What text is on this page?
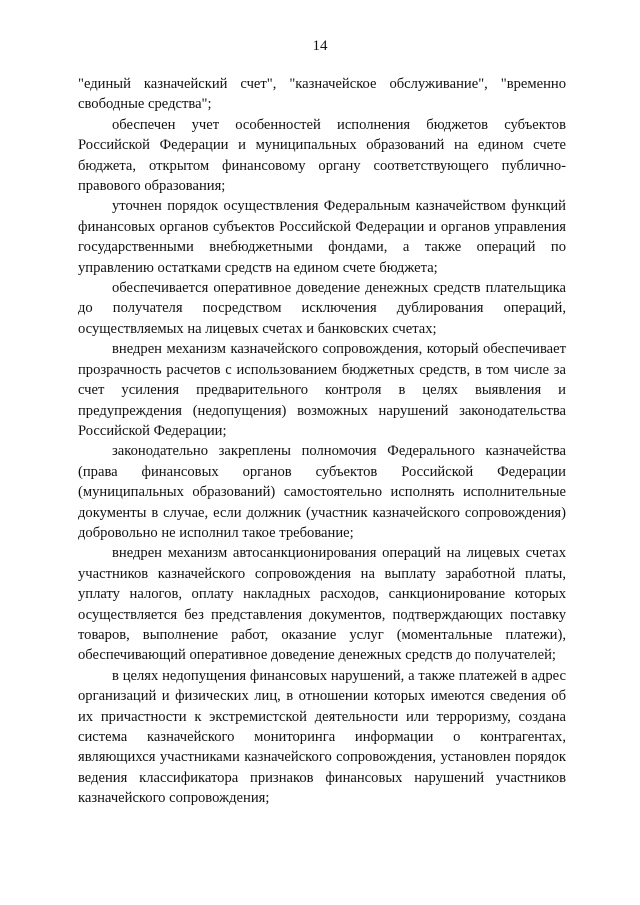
14

"единый казначейский счет", "казначейское обслуживание", "временно свободные средства";

обеспечен учет особенностей исполнения бюджетов субъектов Российской Федерации и муниципальных образований на едином счете бюджета, открытом финансовому органу соответствующего публично-правового образования;

уточнен порядок осуществления Федеральным казначейством функций финансовых органов субъектов Российской Федерации и органов управления государственными внебюджетными фондами, а также операций по управлению остатками средств на едином счете бюджета;

обеспечивается оперативное доведение денежных средств плательщика до получателя посредством исключения дублирования операций, осуществляемых на лицевых счетах и банковских счетах;

внедрен механизм казначейского сопровождения, который обеспечивает прозрачность расчетов с использованием бюджетных средств, в том числе за счет усиления предварительного контроля в целях выявления и предупреждения (недопущения) возможных нарушений законодательства Российской Федерации;

законодательно закреплены полномочия Федерального казначейства (права финансовых органов субъектов Российской Федерации (муниципальных образований) самостоятельно исполнять исполнительные документы в случае, если должник (участник казначейского сопровождения) добровольно не исполнил такое требование;

внедрен механизм автосанкционирования операций на лицевых счетах участников казначейского сопровождения на выплату заработной платы, уплату налогов, оплату накладных расходов, санкционирование которых осуществляется без представления документов, подтверждающих поставку товаров, выполнение работ, оказание услуг (моментальные платежи), обеспечивающий оперативное доведение денежных средств до получателей;

в целях недопущения финансовых нарушений, а также платежей в адрес организаций и физических лиц, в отношении которых имеются сведения об их причастности к экстремистской деятельности или терроризму, создана система казначейского мониторинга информации о контрагентах, являющихся участниками казначейского сопровождения, установлен порядок ведения классификатора признаков финансовых нарушений участников казначейского сопровождения;
